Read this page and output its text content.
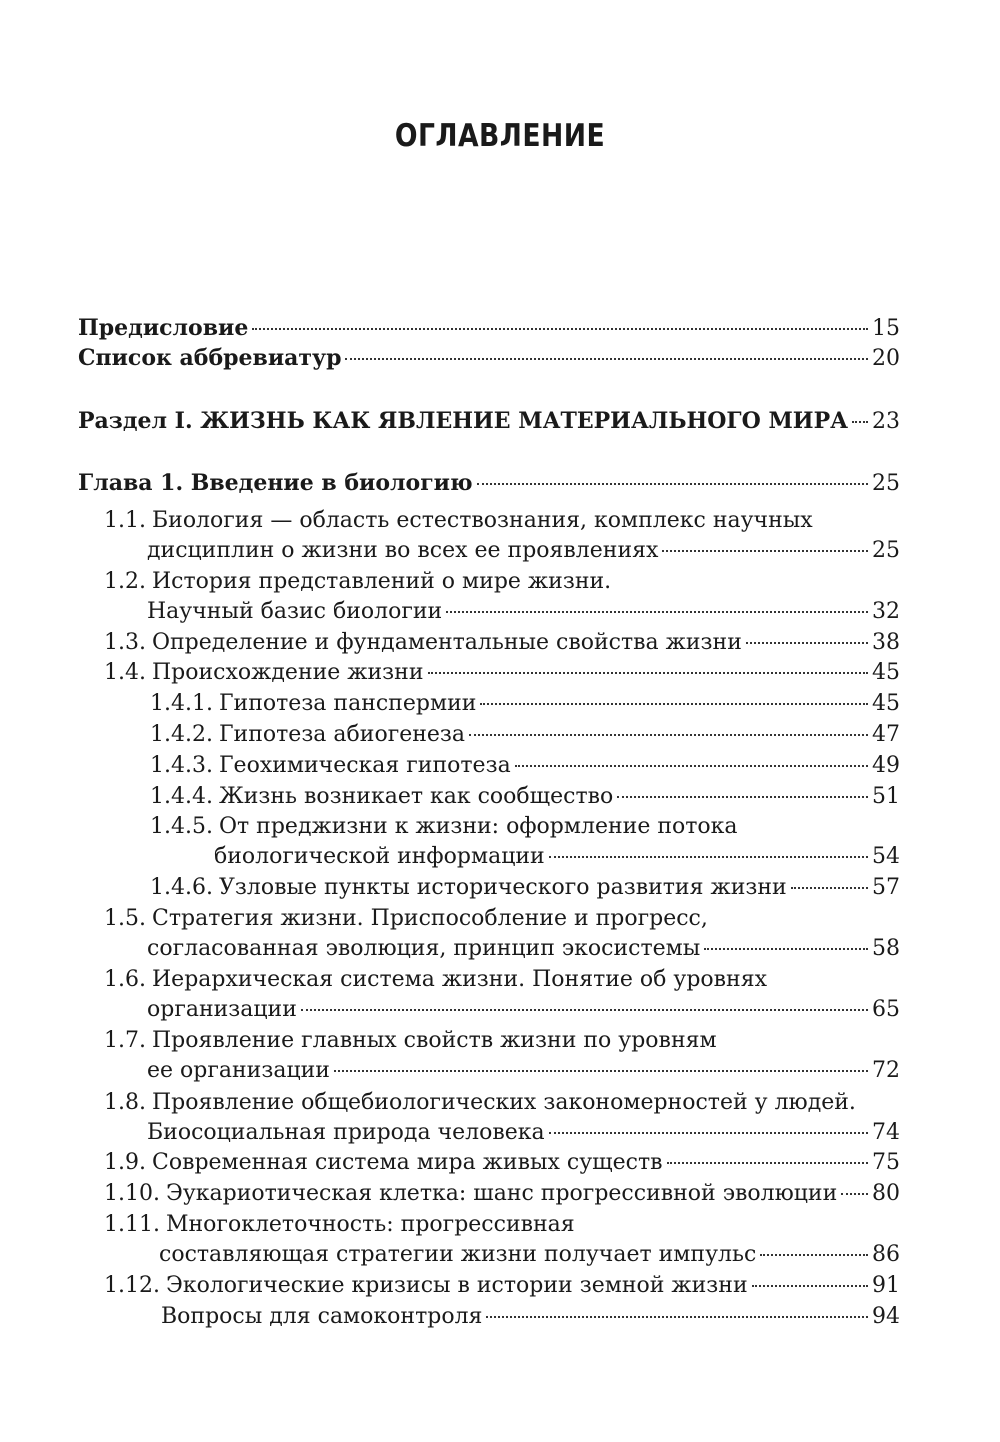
ОГЛАВЛЕНИЕ
Предисловие	15
Список аббревиатур	20
Раздел I. ЖИЗНЬ КАК ЯВЛЕНИЕ МАТЕРИАЛЬНОГО МИРА 23
Глава 1. Введение в биологию	25
1.1. Биология — область естествознания, комплекс научных
дисциплин о жизни во всех ее проявлениях	25
1.2. История представлений о мире жизни.
Научный базис биологии	32
1.3. Определение и фундаментальные свойства жизни	38
1.4. Происхождение жизни	45
1.4.1. Гипотеза панспермии	45
1.4.2. Гипотеза абиогенеза	47
1.4.3. Геохимическая гипотеза	49
1.4.4. Жизнь возникает как сообщество	51
1.4.5. От преджизни к жизни: оформление потока
биологической информации	54
1.4.6. Узловые пункты исторического развития жизни	57
1.5. Стратегия жизни. Приспособление и прогресс,
согласованная эволюция, принцип экосистемы	58
1.6. Иерархическая система жизни. Понятие об уровнях
организации	65
1.7. Проявление главных свойств жизни по уровням
ее организации	72
1.8. Проявление общебиологических закономерностей у людей.
Биосоциальная природа человека	74
1.9. Современная система мира живых существ	75
1.10. Эукариотическая клетка: шанс прогрессивной эволюции 80
1.11. Многоклеточность: прогрессивная
составляющая стратегии жизни получает импульс	86
1.12. Экологические кризисы в истории земной жизни	91
Вопросы для самоконтроля	94
